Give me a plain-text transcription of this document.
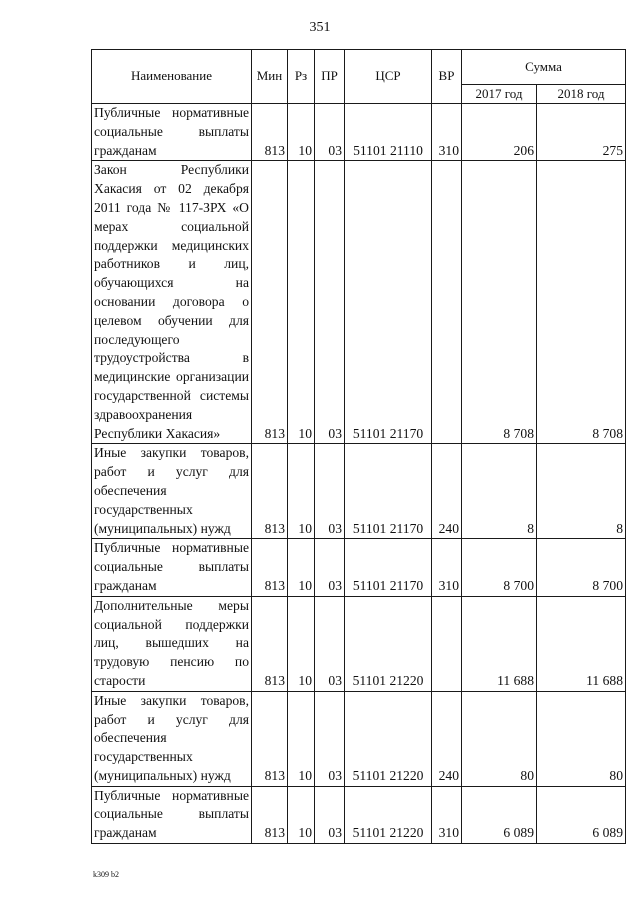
351
Наименование	Мин	Рз	ПР	ЦСР	ВР	Сумма	
						2017 год	2018 год
Публичные нормативные социальные выплаты гражданам	813	10	03	51101 21110	310	206	275
Закон Республики Хакасия от 02 декабря 2011 года № 117-ЗРХ «О мерах социальной поддержки медицинских работников и лиц, обучающихся на основании договора о целевом обучении для последующего трудоустройства в медицинские организации государственной системы здравоохранения Республики Хакасия»	813	10	03	51101 21170		8 708	8 708
Иные закупки товаров, работ и услуг для обеспечения государственных (муниципальных) нужд	813	10	03	51101 21170	240	8	8
Публичные нормативные социальные выплаты гражданам	813	10	03	51101 21170	310	8 700	8 700
Дополнительные меры социальной поддержки лиц, вышедших на трудовую пенсию по старости	813	10	03	51101 21220		11 688	11 688
Иные закупки товаров, работ и услуг для обеспечения государственных (муниципальных) нужд	813	10	03	51101 21220	240	80	80
Публичные нормативные социальные выплаты гражданам	813	10	03	51101 21220	310	6 089	6 089
k309 b2
